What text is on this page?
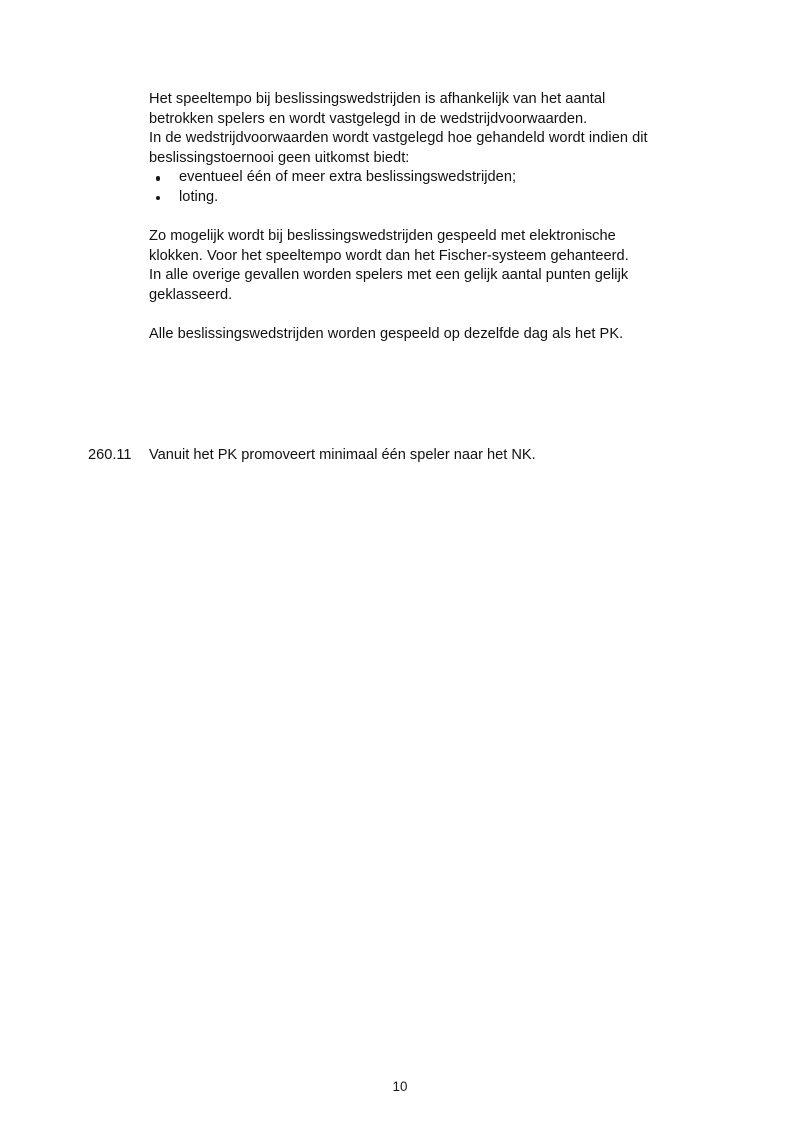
Het speeltempo bij beslissingswedstrijden is afhankelijk van het aantal
betrokken spelers en wordt vastgelegd in de wedstrijdvoorwaarden.
In de wedstrijdvoorwaarden wordt vastgelegd hoe gehandeld wordt indien dit
beslissingstoernooi geen uitkomst biedt:

eventueel één of meer extra beslissingswedstrijden;
loting.

Zo mogelijk wordt bij beslissingswedstrijden gespeeld met elektronische
klokken. Voor het speeltempo wordt dan het Fischer-systeem gehanteerd.
In alle overige gevallen worden spelers met een gelijk aantal punten gelijk
geklasseerd.

Alle beslissingswedstrijden worden gespeeld op dezelfde dag als het PK.

260.11 Vanuit het PK promoveert minimaal één speler naar het NK.
10
